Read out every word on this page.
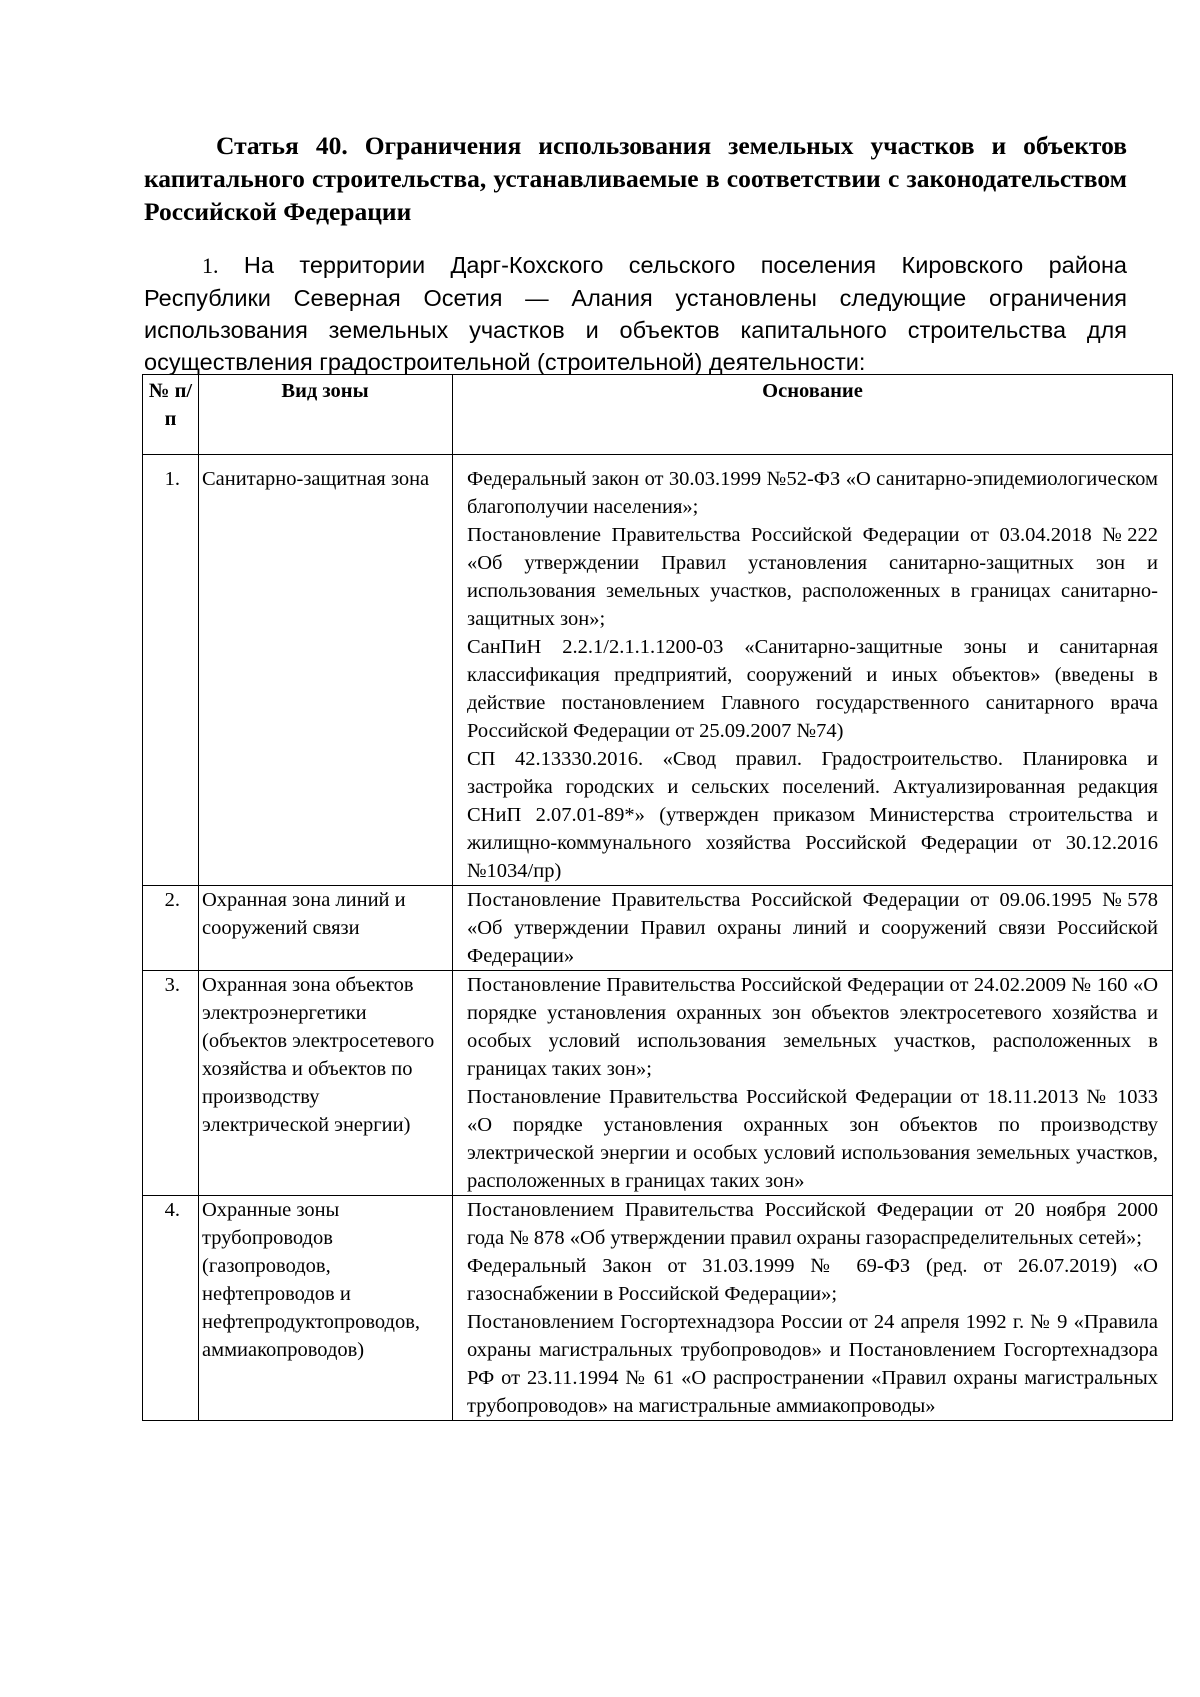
Статья 40. Ограничения использования земельных участков и объектов капитального строительства, устанавливаемые в соответствии с законодательством Российской Федерации

1. На территории Дарг-Кохского сельского поселения Кировского района Республики Северная Осетия — Алания установлены следующие ограничения использования земельных участков и объектов капитального строительства для осуществления градостроительной (строительной) деятельности:

№ п/п	Вид зоны	Основание
1.	Санитарно-защитная зона	Федеральный закон от 30.03.1999 №52-ФЗ «О санитарно-эпидемиологическом благополучии населения»;

Постановление Правительства Российской Федерации от 03.04.2018 №222 «Об утверждении Правил установления санитарно-защитных зон и использования земельных участков, расположенных в границах санитарно-защитных зон»;

СанПиН 2.2.1/2.1.1.1200-03 «Санитарно-защитные зоны и санитарная классификация предприятий, сооружений и иных объектов» (введены в действие постановлением Главного государственного санитарного врача Российской Федерации от 25.09.2007 №74)

СП 42.13330.2016. «Свод правил. Градостроительство. Планировка и застройка городских и сельских поселений. Актуализированная редакция СНиП 2.07.01-89*» (утвержден приказом Министерства строительства и жилищно-коммунального хозяйства Российской Федерации от 30.12.2016 №1034/пр)

2.	Охранная зона линий и сооружений связи	Постановление Правительства Российской Федерации от 09.06.1995 №578 «Об утверждении Правил охраны линий и сооружений связи Российской Федерации»

3.	Охранная зона объектов электроэнергетики (объектов электросетевого хозяйства и объектов по производству электрической энергии)	Постановление Правительства Российской Федерации от 24.02.2009 № 160 «О порядке установления охранных зон объектов электросетевого хозяйства и особых условий использования земельных участков, расположенных в границах таких зон»;

Постановление Правительства Российской Федерации от 18.11.2013 № 1033 «О порядке установления охранных зон объектов по производству электрической энергии и особых условий использования земельных участков, расположенных в границах таких зон»

4.	Охранные зоны трубопроводов (газопроводов, нефтепроводов и нефтепродуктопроводов, аммиакопроводов)	Постановлением Правительства Российской Федерации от 20 ноября 2000 года № 878 «Об утверждении правил охраны газораспределительных сетей»;

Федеральный Закон от 31.03.1999 № 69-ФЗ (ред. от 26.07.2019) «О газоснабжении в Российской Федерации»;

Постановлением Госгортехнадзора России от 24 апреля 1992 г. № 9 «Правила охраны магистральных трубопроводов» и Постановлением Госгортехнадзора РФ от 23.11.1994 № 61 «О распространении «Правил охраны магистральных трубопроводов» на магистральные аммиакопроводы»
